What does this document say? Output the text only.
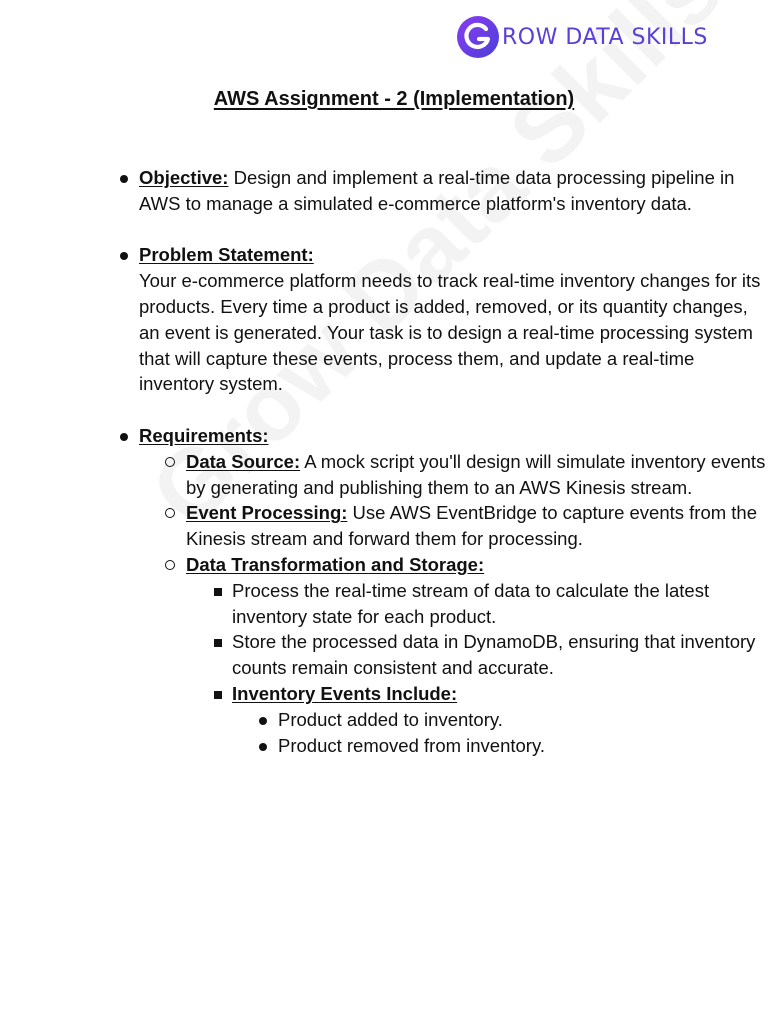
ROW DATA SKILLS
AWS Assignment - 2 (Implementation)
Objective: Design and implement a real-time data processing pipeline in AWS to manage a simulated e-commerce platform's inventory data.
Problem Statement:
Your e-commerce platform needs to track real-time inventory changes for its products. Every time a product is added, removed, or its quantity changes, an event is generated. Your task is to design a real-time processing system that will capture these events, process them, and update a real-time inventory system.
Requirements:
Data Source: A mock script you'll design will simulate inventory events by generating and publishing them to an AWS Kinesis stream.
Event Processing: Use AWS EventBridge to capture events from the Kinesis stream and forward them for processing.
Data Transformation and Storage:
Process the real-time stream of data to calculate the latest inventory state for each product.
Store the processed data in DynamoDB, ensuring that inventory counts remain consistent and accurate.
Inventory Events Include:
Product added to inventory.
Product removed from inventory.
